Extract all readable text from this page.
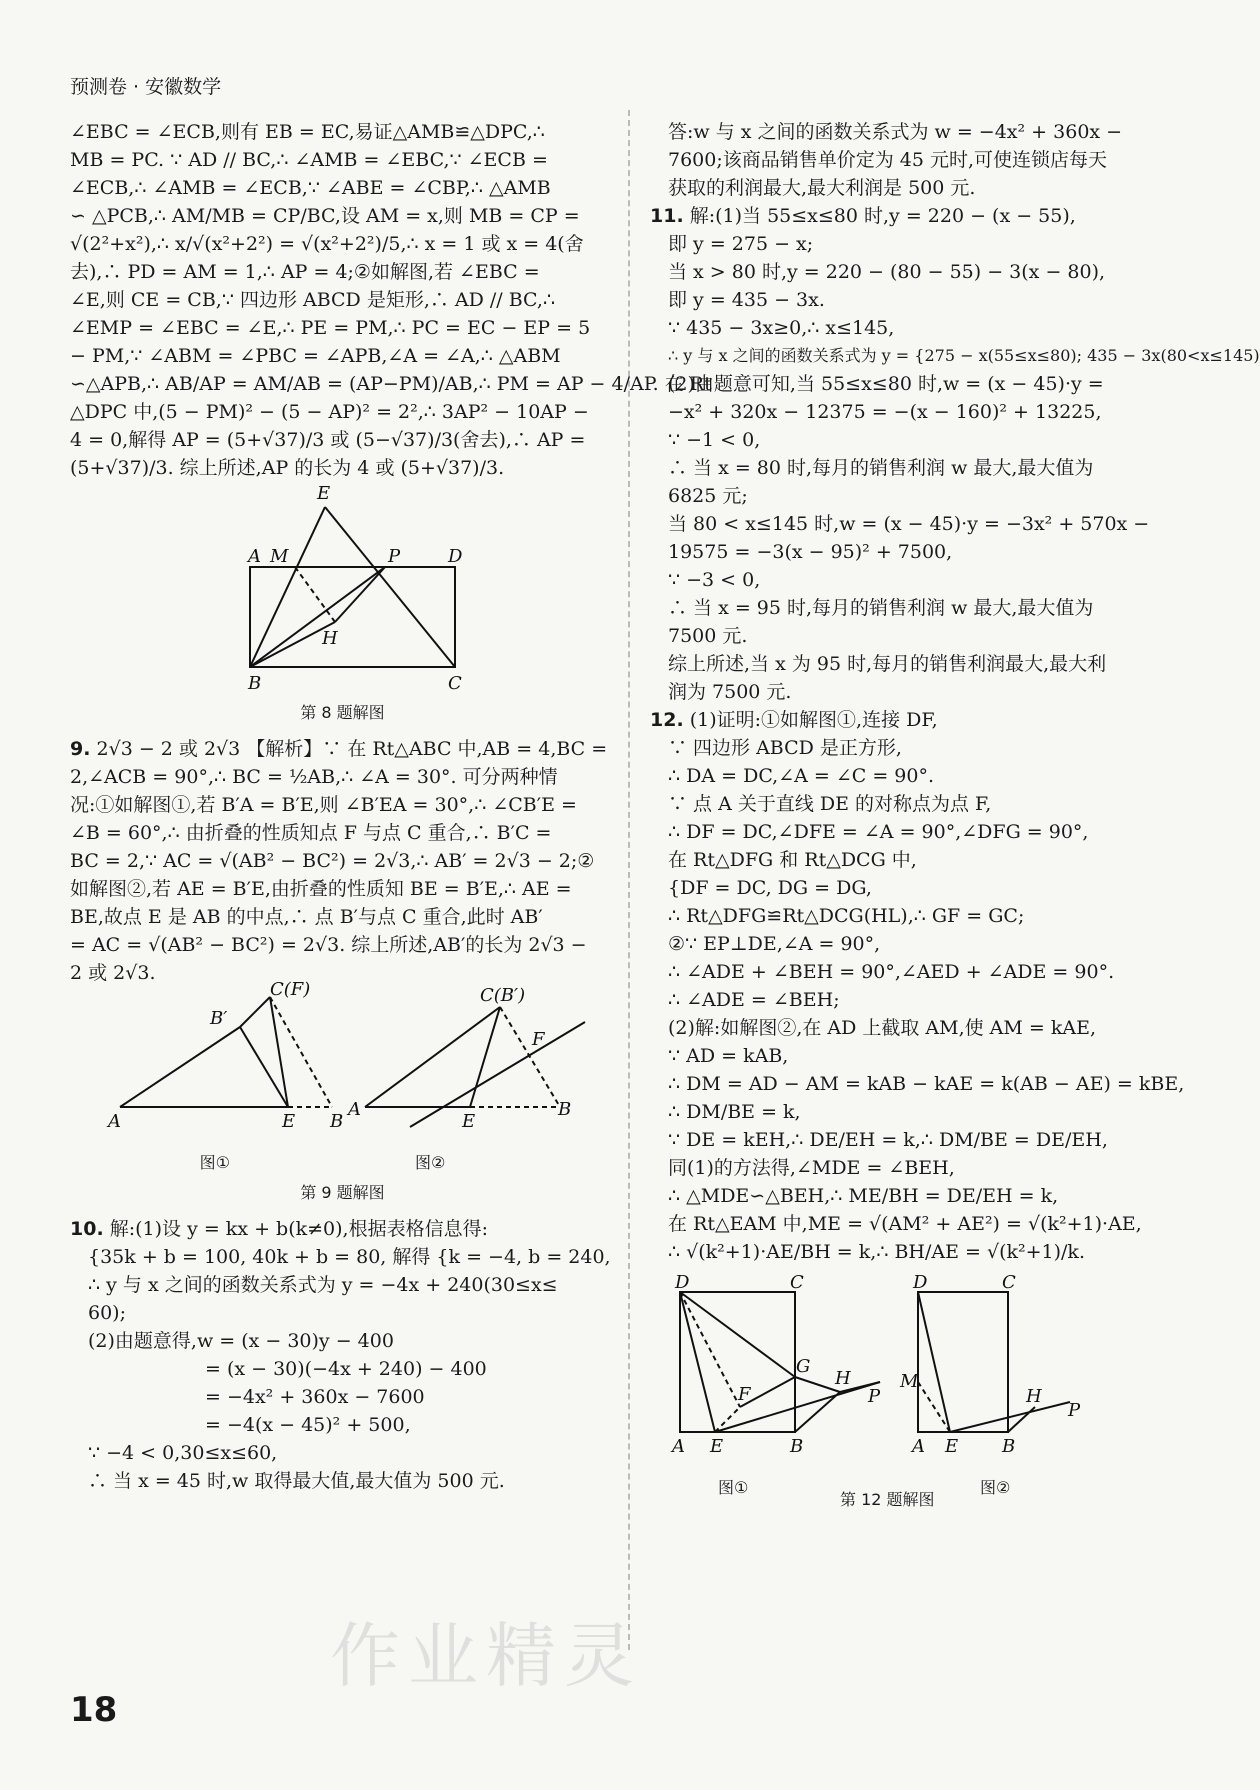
预测卷 · 安徽数学
∠EBC = ∠ECB,则有 EB = EC,易证△AMB≌△DPC,∴
MB = PC. ∵ AD // BC,∴ ∠AMB = ∠EBC,∵ ∠ECB =
∠ECB,∴ ∠AMB = ∠ECB,∵ ∠ABE = ∠CBP,∴ △AMB
∽ △PCB,∴ AM/MB = CP/BC,设 AM = x,则 MB = CP =
√(2²+x²),∴ x/√(x²+2²) = √(x²+2²)/5,∴ x = 1 或 x = 4(舍
去),∴ PD = AM = 1,∴ AP = 4;②如解图,若 ∠EBC =
∠E,则 CE = CB,∵ 四边形 ABCD 是矩形,∴ AD // BC,∴
∠EMP = ∠EBC = ∠E,∴ PE = PM,∴ PC = EC − EP = 5
− PM,∵ ∠ABM = ∠PBC = ∠APB,∠A = ∠A,∴ △ABM
∽△APB,∴ AB/AP = AM/AB = (AP−PM)/AB,∴ PM = AP − 4/AP. 在 Rt
△DPC 中,(5 − PM)² − (5 − AP)² = 2²,∴ 3AP² − 10AP −
4 = 0,解得 AP = (5+√37)/3 或 (5−√37)/3(舍去),∴ AP =
(5+√37)/3. 综上所述,AP 的长为 4 或 (5+√37)/3.
E
A M	P	D
H
B	C
第 8 题解图
9. 2√3 − 2 或 2√3 【解析】∵ 在 Rt△ABC 中,AB = 4,BC =
2,∠ACB = 90°,∴ BC = ½AB,∴ ∠A = 30°. 可分两种情
况:①如解图①,若 B′A = B′E,则 ∠B′EA = 30°,∴ ∠CB′E =
∠B = 60°,∴ 由折叠的性质知点 F 与点 C 重合,∴ B′C =
BC = 2,∵ AC = √(AB² − BC²) = 2√3,∴ AB′ = 2√3 − 2;②
如解图②,若 AE = B′E,由折叠的性质知 BE = B′E,∴ AE =
BE,故点 E 是 AB 的中点,∴ 点 B′与点 C 重合,此时 AB′
= AC = √(AB² − BC²) = 2√3. 综上所述,AB′的长为 2√3 −
2 或 2√3.
C(F)
B′
A	E B
C(B′)
F
A
E
B
图①	图②
第 9 题解图
10. 解:(1)设 y = kx + b(k≠0),根据表格信息得:
{35k + b = 100, 40k + b = 80, 解得 {k = −4, b = 240,
∴ y 与 x 之间的函数关系式为 y = −4x + 240(30≤x≤
60);
(2)由题意得,w = (x − 30)y − 400
= (x − 30)(−4x + 240) − 400
= −4x² + 360x − 7600
= −4(x − 45)² + 500,
∵ −4 < 0,30≤x≤60,
∴ 当 x = 45 时,w 取得最大值,最大值为 500 元.
答:w 与 x 之间的函数关系式为 w = −4x² + 360x −
7600;该商品销售单价定为 45 元时,可使连锁店每天
获取的利润最大,最大利润是 500 元.
11. 解:(1)当 55≤x≤80 时,y = 220 − (x − 55),
即 y = 275 − x;
当 x > 80 时,y = 220 − (80 − 55) − 3(x − 80),
即 y = 435 − 3x.
∵ 435 − 3x≥0,∴ x≤145,
∴ y 与 x 之间的函数关系式为 y = {275 − x(55≤x≤80); 435 − 3x(80<x≤145)
(2)由题意可知,当 55≤x≤80 时,w = (x − 45)·y =
−x² + 320x − 12375 = −(x − 160)² + 13225,
∵ −1 < 0,
∴ 当 x = 80 时,每月的销售利润 w 最大,最大值为
6825 元;
当 80 < x≤145 时,w = (x − 45)·y = −3x² + 570x −
19575 = −3(x − 95)² + 7500,
∵ −3 < 0,
∴ 当 x = 95 时,每月的销售利润 w 最大,最大值为
7500 元.
综上所述,当 x 为 95 时,每月的销售利润最大,最大利
润为 7500 元.
12. (1)证明:①如解图①,连接 DF,
∵ 四边形 ABCD 是正方形,
∴ DA = DC,∠A = ∠C = 90°.
∵ 点 A 关于直线 DE 的对称点为点 F,
∴ DF = DC,∠DFE = ∠A = 90°,∠DFG = 90°,
在 Rt△DFG 和 Rt△DCG 中,
{DF = DC, DG = DG,
∴ Rt△DFG≌Rt△DCG(HL),∴ GF = GC;
②∵ EP⊥DE,∠A = 90°,
∴ ∠ADE + ∠BEH = 90°,∠AED + ∠ADE = 90°.
∴ ∠ADE = ∠BEH;
(2)解:如解图②,在 AD 上截取 AM,使 AM = kAE,
∵ AD = kAB,
∴ DM = AD − AM = kAB − kAE = k(AB − AE) = kBE,
∴ DM/BE = k,
∵ DE = kEH,∴ DE/EH = k,∴ DM/BE = DE/EH,
同(1)的方法得,∠MDE = ∠BEH,
∴ △MDE∽△BEH,∴ ME/BH = DE/EH = k,
在 Rt△EAM 中,ME = √(AM² + AE²) = √(k²+1)·AE,
∴ √(k²+1)·AE/BH = k,∴ BH/AE = √(k²+1)/k.
D	C
G
H
P
F
A E	B
D	C
M
H
P
A E B
图①
第 12 题解图
图②
作业精灵
18
